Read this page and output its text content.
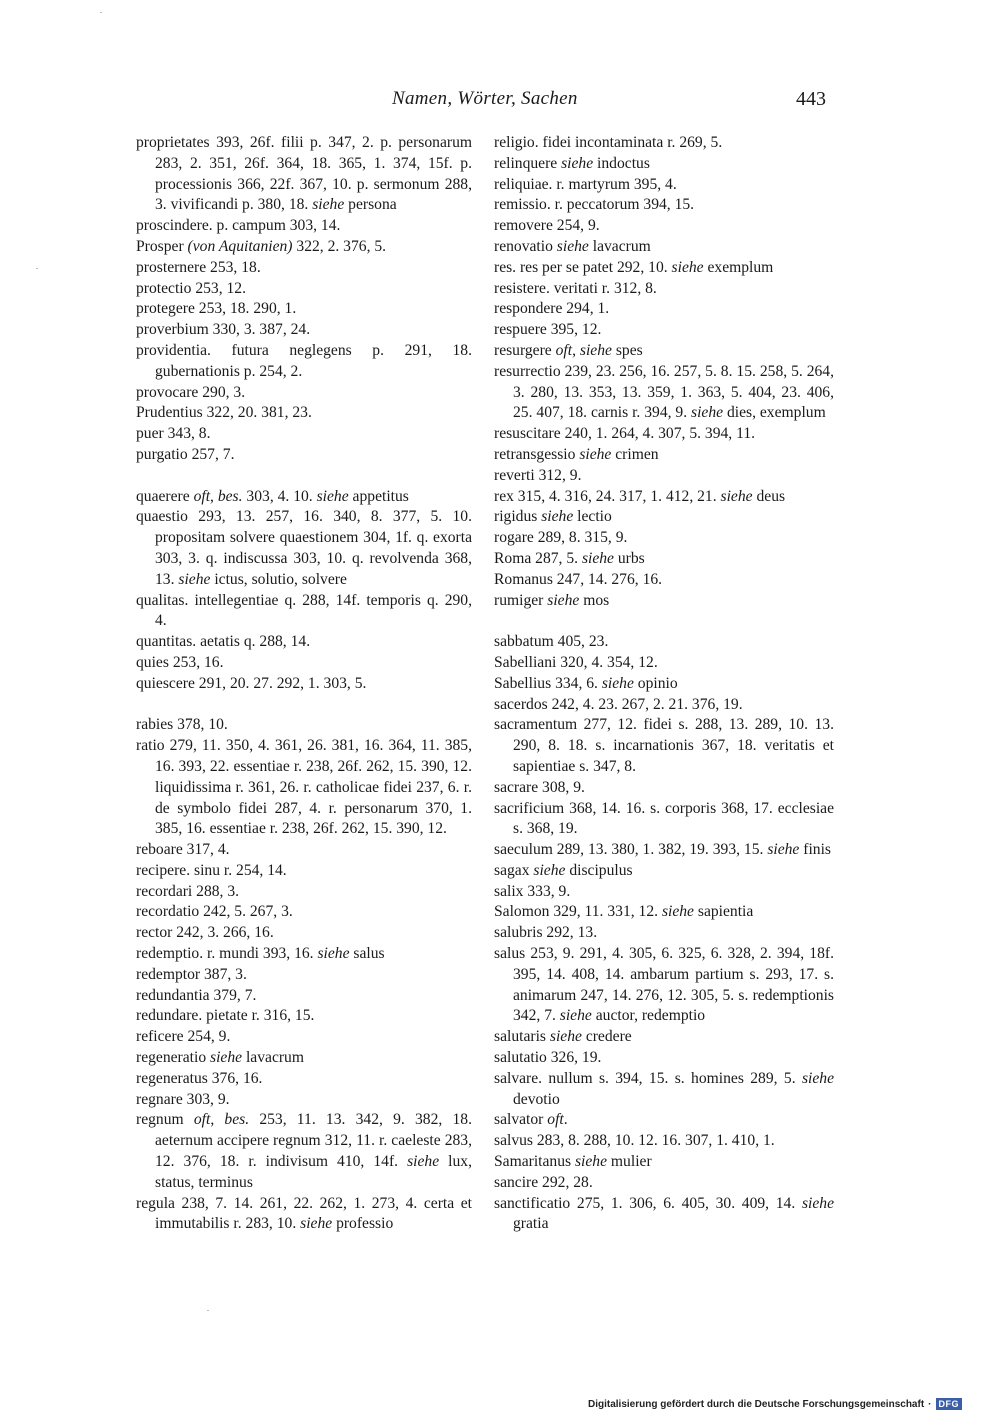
Namen, Wörter, Sachen	443
proprietates 393, 26f. filii p. 347, 2. p. personarum 283, 2. 351, 26f. 364, 18. 365, 1. 374, 15f. p. processionis 366, 22f. 367, 10. p. sermonum 288, 3. vivificandi p. 380, 18. siehe persona
proscindere. p. campum 303, 14.
Prosper (von Aquitanien) 322, 2. 376, 5.
prosternere 253, 18.
protectio 253, 12.
protegere 253, 18. 290, 1.
proverbium 330, 3. 387, 24.
providentia. futura neglegens p. 291, 18. gubernationis p. 254, 2.
provocare 290, 3.
Prudentius 322, 20. 381, 23.
puer 343, 8.
purgatio 257, 7.
quaerere oft, bes. 303, 4. 10. siehe appetitus
quaestio 293, 13. 257, 16. 340, 8. 377, 5. 10. propositam solvere quaestionem 304, 1f. q. exorta 303, 3. q. indiscussa 303, 10. q. revolvenda 368, 13. siehe ictus, solutio, solvere
qualitas. intellegentiae q. 288, 14f. temporis q. 290, 4.
quantitas. aetatis q. 288, 14.
quies 253, 16.
quiescere 291, 20. 27. 292, 1. 303, 5.
rabies 378, 10.
ratio 279, 11. 350, 4. 361, 26. 381, 16. 364, 11. 385, 16. 393, 22. essentiae r. 238, 26f. 262, 15. 390, 12. liquidissima r. 361, 26. r. catholicae fidei 237, 6. r. de symbolo fidei 287, 4. r. personarum 370, 1. 385, 16. essentiae r. 238, 26f. 262, 15. 390, 12.
reboare 317, 4.
recipere. sinu r. 254, 14.
recordari 288, 3.
recordatio 242, 5. 267, 3.
rector 242, 3. 266, 16.
redemptio. r. mundi 393, 16. siehe salus
redemptor 387, 3.
redundantia 379, 7.
redundare. pietate r. 316, 15.
reficere 254, 9.
regeneratio siehe lavacrum
regeneratus 376, 16.
regnare 303, 9.
regnum oft, bes. 253, 11. 13. 342, 9. 382, 18. aeternum accipere regnum 312, 11. r. caeleste 283, 12. 376, 18. r. indivisum 410, 14f. siehe lux, status, terminus
regula 238, 7. 14. 261, 22. 262, 1. 273, 4. certa et immutabilis r. 283, 10. siehe professio
religio. fidei incontaminata r. 269, 5.
relinquere siehe indoctus
reliquiae. r. martyrum 395, 4.
remissio. r. peccatorum 394, 15.
removere 254, 9.
renovatio siehe lavacrum
res. res per se patet 292, 10. siehe exemplum
resistere. veritati r. 312, 8.
respondere 294, 1.
respuere 395, 12.
resurgere oft, siehe spes
resurrectio 239, 23. 256, 16. 257, 5. 8. 15. 258, 5. 264, 3. 280, 13. 353, 13. 359, 1. 363, 5. 404, 23. 406, 25. 407, 18. carnis r. 394, 9. siehe dies, exemplum
resuscitare 240, 1. 264, 4. 307, 5. 394, 11.
retransgessio siehe crimen
reverti 312, 9.
rex 315, 4. 316, 24. 317, 1. 412, 21. siehe deus
rigidus siehe lectio
rogare 289, 8. 315, 9.
Roma 287, 5. siehe urbs
Romanus 247, 14. 276, 16.
rumiger siehe mos
sabbatum 405, 23.
Sabelliani 320, 4. 354, 12.
Sabellius 334, 6. siehe opinio
sacerdos 242, 4. 23. 267, 2. 21. 376, 19.
sacramentum 277, 12. fidei s. 288, 13. 289, 10. 13. 290, 8. 18. s. incarnationis 367, 18. veritatis et sapientiae s. 347, 8.
sacrare 308, 9.
sacrificium 368, 14. 16. s. corporis 368, 17. ecclesiae s. 368, 19.
saeculum 289, 13. 380, 1. 382, 19. 393, 15. siehe finis
sagax siehe discipulus
salix 333, 9.
Salomon 329, 11. 331, 12. siehe sapientia
salubris 292, 13.
salus 253, 9. 291, 4. 305, 6. 325, 6. 328, 2. 394, 18f. 395, 14. 408, 14. ambarum partium s. 293, 17. s. animarum 247, 14. 276, 12. 305, 5. s. redemptionis 342, 7. siehe auctor, redemptio
salutaris siehe credere
salutatio 326, 19.
salvare. nullum s. 394, 15. s. homines 289, 5. siehe devotio
salvator oft.
salvus 283, 8. 288, 10. 12. 16. 307, 1. 410, 1.
Samaritanus siehe mulier
sancire 292, 28.
sanctificatio 275, 1. 306, 6. 405, 30. 409, 14. siehe gratia
Digitalisierung gefördert durch die Deutsche Forschungsgemeinschaft · DFG
